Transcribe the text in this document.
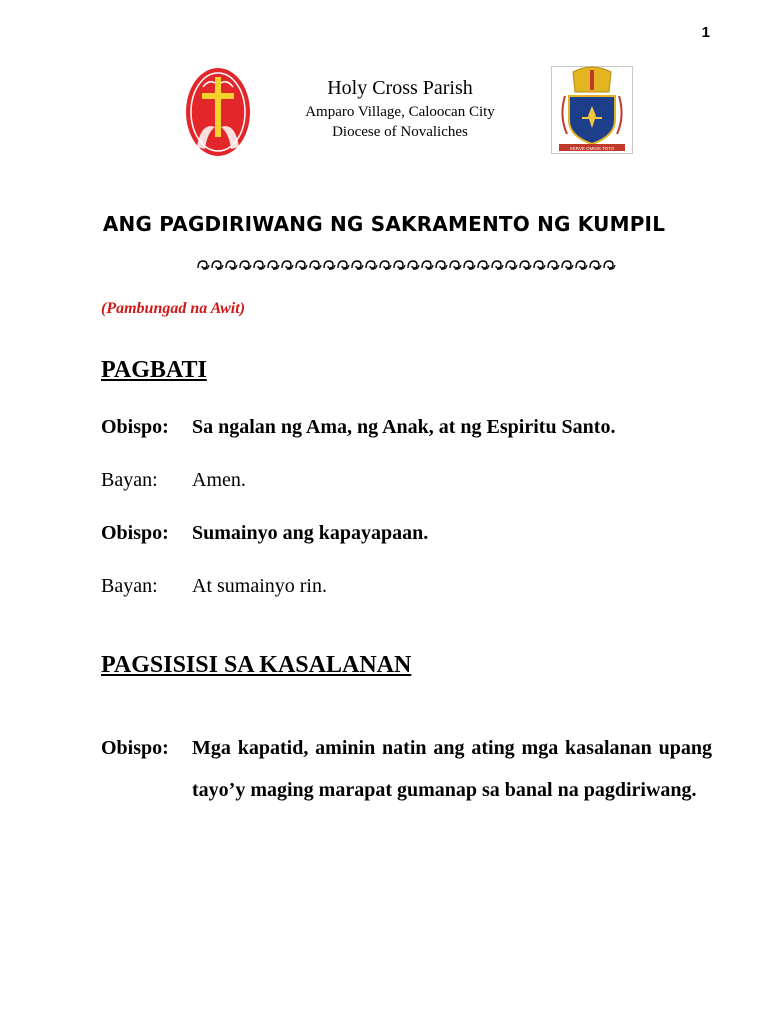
1
Holy Cross Parish
Amparo Village, Caloocan City
Diocese of Novaliches
SERVE OMNIS TOTO
ANG PAGDIRIWANG NG SAKRAMENTO NG KUMPIL
(Pambungad na Awit)
PAGBATI
Obispo:	Sa ngalan ng Ama, ng Anak, at ng Espiritu Santo.
Bayan:	Amen.
Obispo:	Sumainyo ang kapayapaan.
Bayan:	At sumainyo rin.
PAGSISISI SA KASALANAN
Obispo:	Mga kapatid, aminin natin ang ating mga kasalanan upang tayo’y maging marapat gumanap sa banal na pagdiriwang.
